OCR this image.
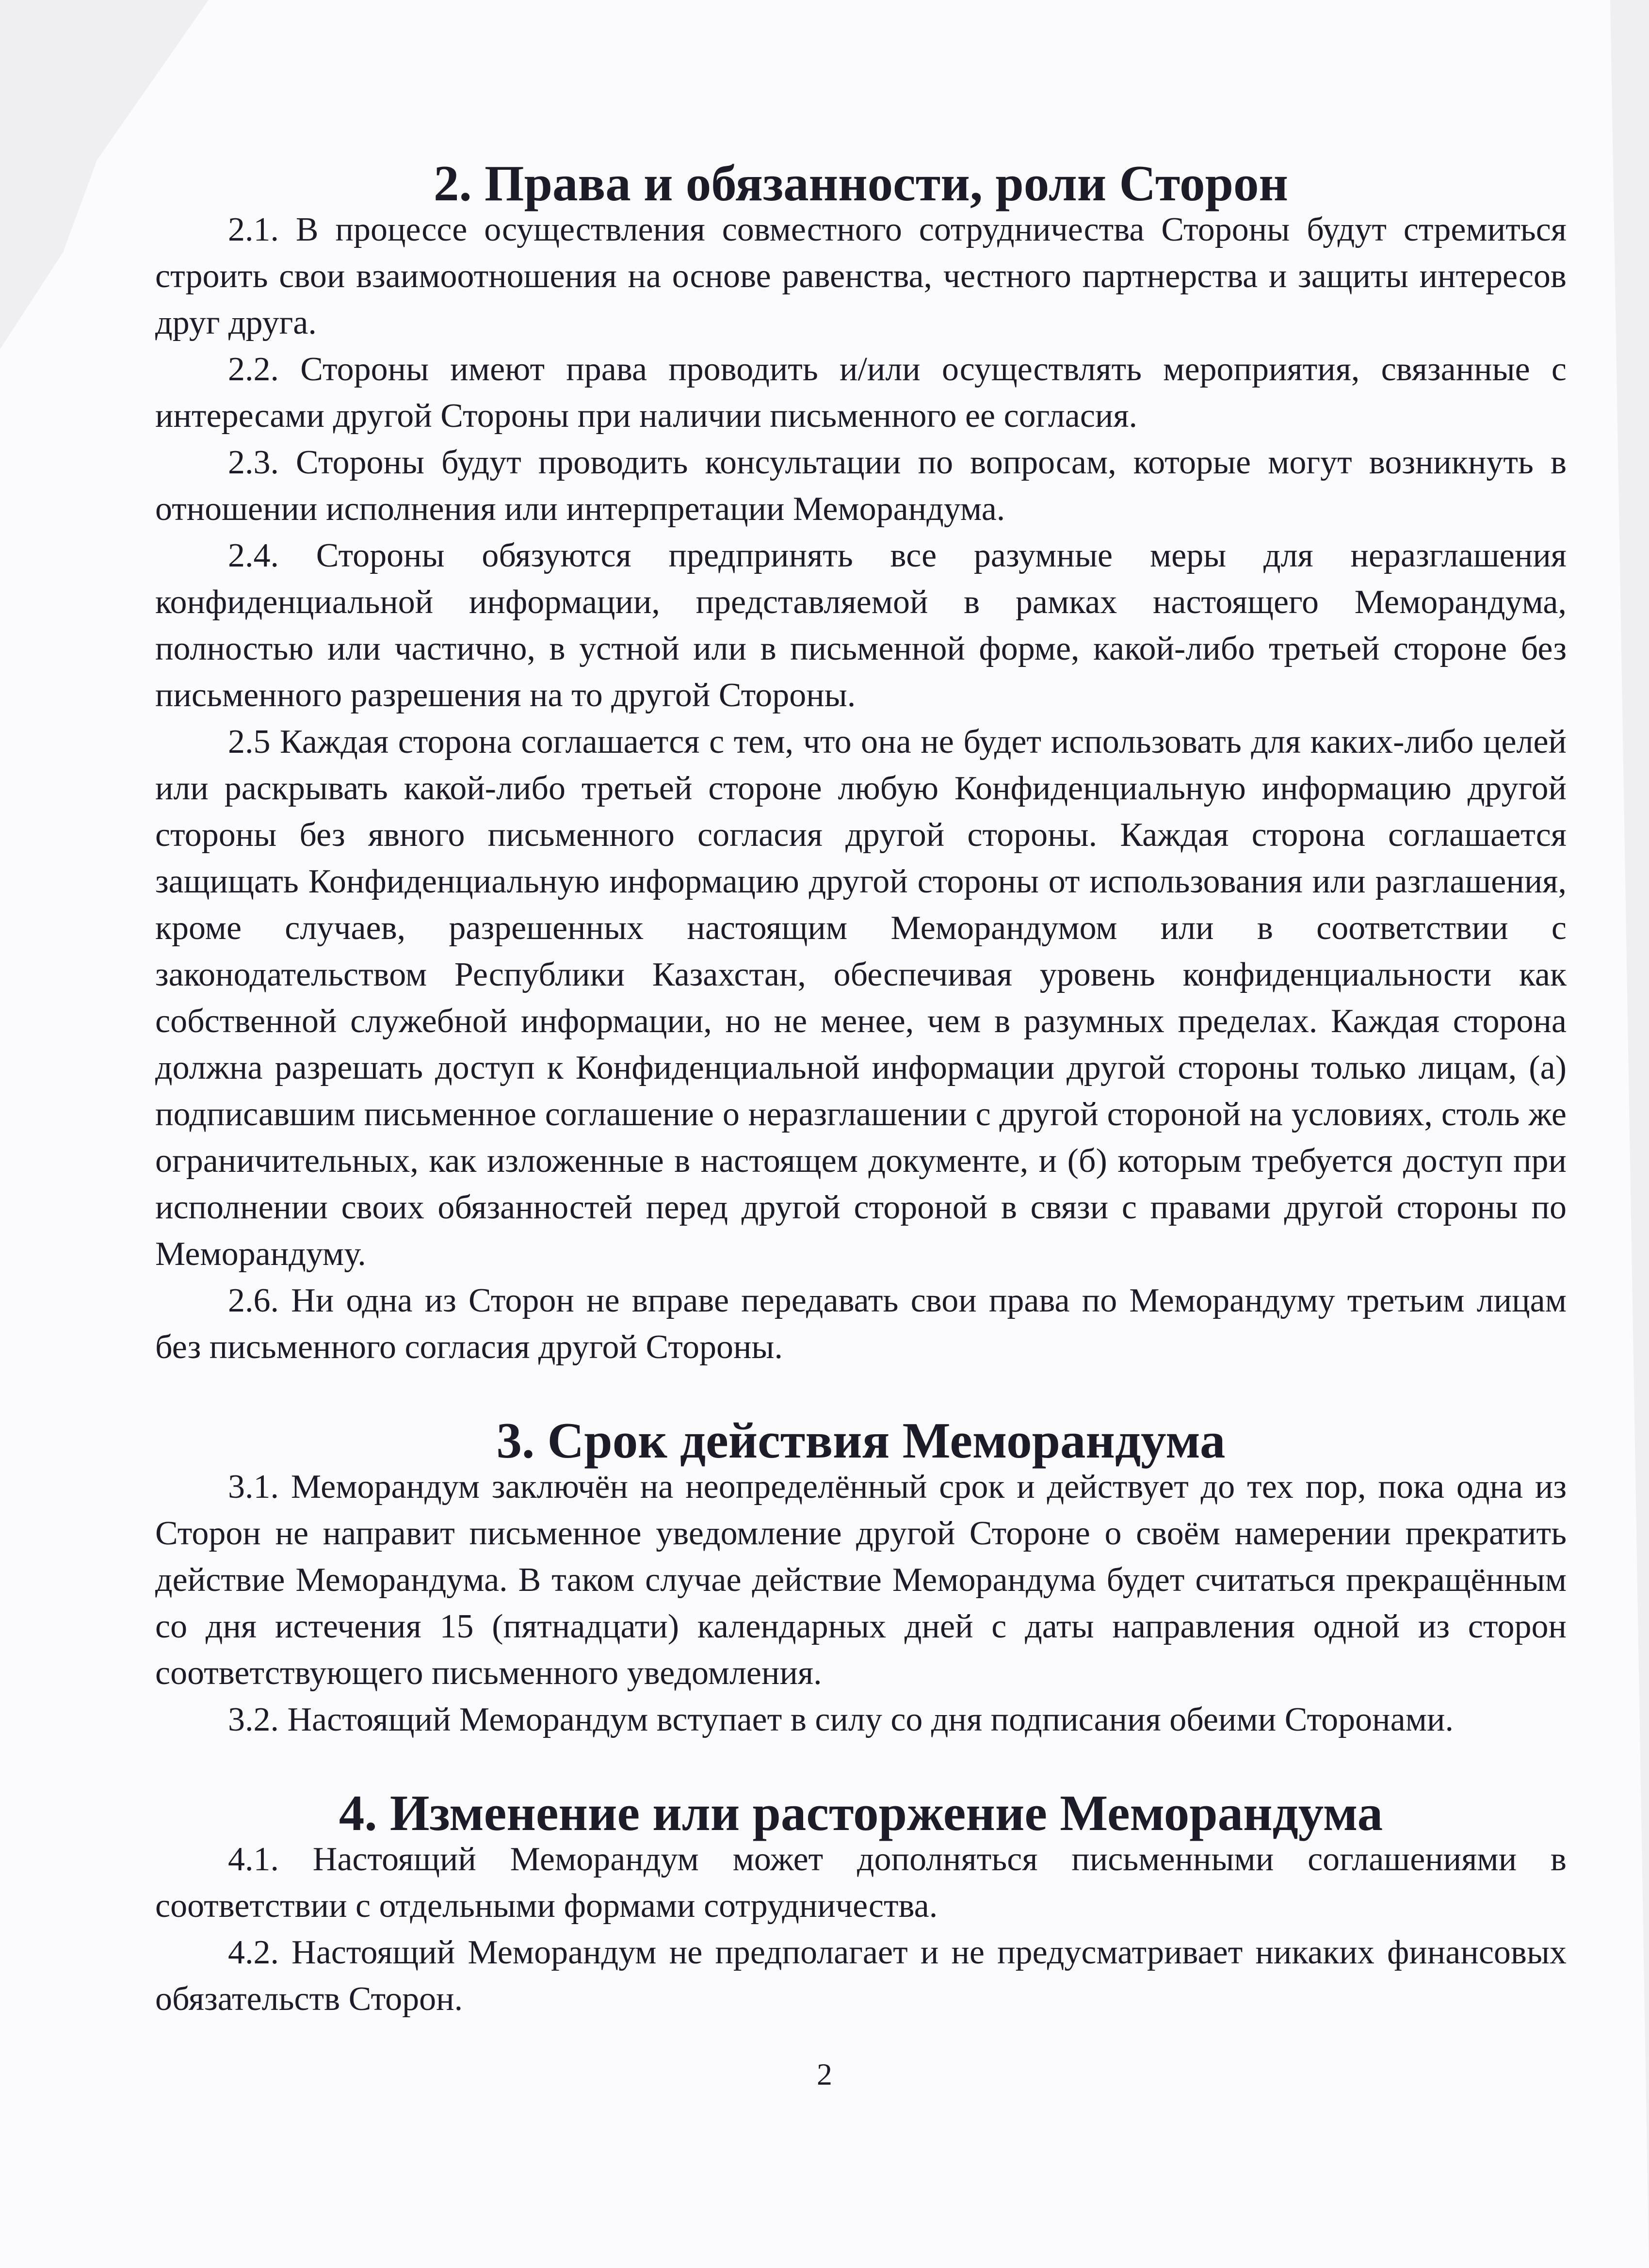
2. Права и обязанности, роли Сторон

2.1. В процессе осуществления совместного сотрудничества Стороны будут стремиться строить свои взаимоотношения на основе равенства, честного партнерства и защиты интересов друг друга.

2.2. Стороны имеют права проводить и/или осуществлять мероприятия, связанные с интересами другой Стороны при наличии письменного ее согласия.

2.3. Стороны будут проводить консультации по вопросам, которые могут возникнуть в отношении исполнения или интерпретации Меморандума.

2.4. Стороны обязуются предпринять все разумные меры для неразглашения конфиденциальной информации, представляемой в рамках настоящего Меморандума, полностью или частично, в устной или в письменной форме, какой-либо третьей стороне без письменного разрешения на то другой Стороны.

2.5 Каждая сторона соглашается с тем, что она не будет использовать для каких-либо целей или раскрывать какой-либо третьей стороне любую Конфиденциальную информацию другой стороны без явного письменного согласия другой стороны. Каждая сторона соглашается защищать Конфиденциальную информацию другой стороны от использования или разглашения, кроме случаев, разрешенных настоящим Меморандумом или в соответствии с законодательством Республики Казахстан, обеспечивая уровень конфиденциальности как собственной служебной информации, но не менее, чем в разумных пределах. Каждая сторона должна разрешать доступ к Конфиденциальной информации другой стороны только лицам, (а) подписавшим письменное соглашение о неразглашении с другой стороной на условиях, столь же ограничительных, как изложенные в настоящем документе, и (б) которым требуется доступ при исполнении своих обязанностей перед другой стороной в связи с правами другой стороны по Меморандуму.

2.6. Ни одна из Сторон не вправе передавать свои права по Меморандуму третьим лицам без письменного согласия другой Стороны.

3. Срок действия Меморандума

3.1. Меморандум заключён на неопределённый срок и действует до тех пор, пока одна из Сторон не направит письменное уведомление другой Стороне о своём намерении прекратить действие Меморандума. В таком случае действие Меморандума будет считаться прекращённым со дня истечения 15 (пятнадцати) календарных дней с даты направления одной из сторон соответствующего письменного уведомления.

3.2. Настоящий Меморандум вступает в силу со дня подписания обеими Сторонами.

4. Изменение или расторжение Меморандума

4.1. Настоящий Меморандум может дополняться письменными соглашениями в соответствии с отдельными формами сотрудничества.

4.2. Настоящий Меморандум не предполагает и не предусматривает никаких финансовых обязательств Сторон.

2
